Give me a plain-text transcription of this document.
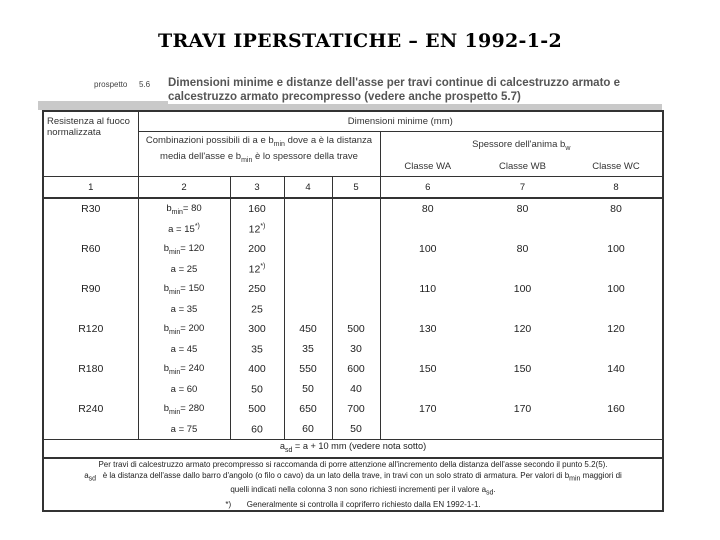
TRAVI IPERSTATICHE – EN 1992-1-2
prospetto 5.6 Dimensioni minime e distanze dell'asse per travi continue di calcestruzzo armato e calcestruzzo armato precompresso (vedere anche prospetto 5.7)
Resistenza al fuoco normalizzata	Dimensioni minime (mm)						
	Combinazioni possibili di a e $b_{min}$ dove a è la distanza media dell'asse e $b_{min}$ è lo spessore della trave				Spessore dell'anima $b_w$
					Classe WA	Classe WB	Classe WC
1	2	3	4	5	6	7	8
R30	$b_{min}= 80$	160			80	80	80
	a = 15*)	12*)					
R60	$b_{min}= 120$	200			100	80	100
	a = 25	12*)					
R90	$b_{min}= 150$	250			110	100	100
	a = 35	25					
R120	$b_{min}= 200$	300	450	500	130	120	120
	a = 45	35	35	30			
R180	$b_{min}= 240$	400	550	600	150	150	140
	a = 60	50	50	40			
R240	$b_{min}= 280$	500	650	700	170	170	160
	a = 75	60	60	50			
$a_{sd} = a + 10$ mm (vedere nota sotto)							

Per travi di calcestruzzo armato precompresso si raccomanda di porre attenzione all'incremento della distanza dell'asse secondo il punto 5.2(5).
$a_{sd}$ è la distanza dell'asse dallo barro d'angolo (o filo o cavo) da un lato della trave, in travi con un solo strato di armatura. Per valori di $b_{min}$ maggiori di
quelli indicati nella colonna 3 non sono richiesti incrementi per il valore $a_{sd}$.
*) Generalmente si controlla il copriferro richiesto dalla EN 1992-1-1.							
